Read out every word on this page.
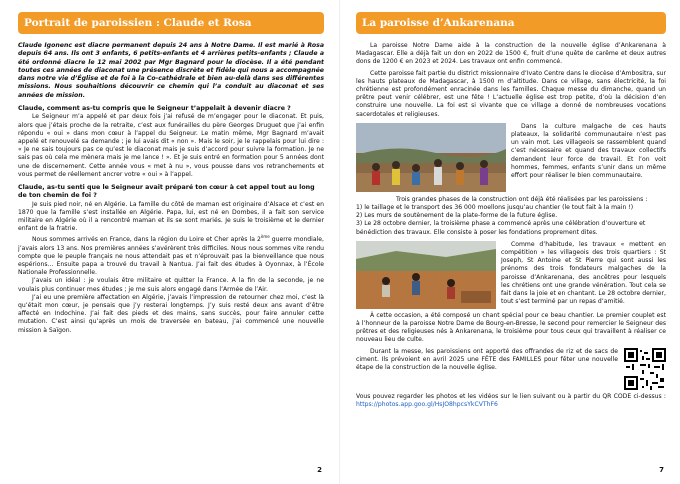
Portrait de paroissien : Claude et Rosa

Claude Igonenc est diacre permanent depuis 24 ans à Notre Dame. Il est marié à Rosa depuis 64 ans. Ils ont 3 enfants, 6 petits-enfants et 4 arrières petits-enfants ; Claude a été ordonné diacre le 12 mai 2002 par Mgr Bagnard pour le diocèse. Il a été pendant toutes ces années de diaconat une présence discrète et fidèle qui nous a accompagnée dans notre vie d’Église et de foi à la Co-cathédrale et bien au-delà dans ses différentes missions. Nous souhaitions découvrir ce chemin qui l’a conduit au diaconat et ses années de mission.

Claude, comment as-tu compris que le Seigneur t’appelait à devenir diacre ?

Le Seigneur m’a appelé et par deux fois j’ai refusé de m’engager pour le diaconat. Et puis, alors que j’étais proche de la retraite, c’est aux funérailles du père Georges Druguet que j’ai enfin répondu « oui » dans mon cœur à l’appel du Seigneur. Le matin même, Mgr Bagnard m’avait appelé et renouvelé sa demande ; je lui avais dit « non ». Mais le soir, je le rappelais pour lui dire : « Je ne sais toujours pas ce qu’est le diaconat mais je suis d’accord pour suivre la formation. Je ne sais pas où cela me mènera mais je me lance ! ». Et je suis entré en formation pour 5 années dont une de discernement. Cette année vous « met à nu », vous pousse dans vos retranchements et vous permet de réellement ancrer votre « oui » à l’appel.

Claude, as-tu senti que le Seigneur avait préparé ton cœur à cet appel tout au long de ton chemin de foi ?

Je suis pied noir, né en Algérie. La famille du côté de maman est originaire d’Alsace et c’est en 1870 que la famille s’est installée en Algérie. Papa, lui, est né en Dombes, il a fait son service militaire en Algérie où il a rencontré maman et ils se sont mariés. Je suis le troisième et le dernier enfant de la fratrie.

Nous sommes arrivés en France, dans la région du Loire et Cher après la 2ème guerre mondiale, j’avais alors 13 ans. Nos premières années s’avérèrent très difficiles. Nous nous sommes vite rendu compte que le peuple français ne nous attendait pas et n’éprouvait pas la bienveillance que nous espérions… Ensuite papa a trouvé du travail à Nantua. J’ai fait des études à Oyonnax, à l’École Nationale Professionnelle.

J’avais un idéal : je voulais être militaire et quitter la France. A la fin de la seconde, je ne voulais plus continuer mes études ; je me suis alors engagé dans l’Armée de l’Air.

J’ai eu une première affectation en Algérie, j’avais l’impression de retourner chez moi, c’est là qu’était mon cœur, je pensais que j’y resterai longtemps. J’y suis resté deux ans avant d’être affecté en Indochine. J’ai fait des pieds et des mains, sans succès, pour faire annuler cette mutation. C’est ainsi qu’après un mois de traversée en bateau, j’ai commencé une nouvelle mission à Saïgon.

2
La paroisse d’Ankarenana

La paroisse Notre Dame aide à la construction de la nouvelle église d’Ankarenana à Madagascar. Elle a déjà fait un don en 2022 de 1500 €, fruit d’une quête de carême et deux autres dons de 1200 € en 2023 et 2024. Les travaux ont enfin commencé.

Cette paroisse fait partie du district missionnaire d’Ivato Centre dans le diocèse d’Ambositra, sur les hauts plateaux de Madagascar, à 1500 m d’altitude. Dans ce village, sans électricité, la foi chrétienne est profondément enracinée dans les familles. Chaque messe du dimanche, quand un prêtre peut venir célébrer, est une fête ! L’actuelle église est trop petite, d’où la décision d’en construire une nouvelle. La foi est si vivante que ce village a donné de nombreuses vocations sacerdotales et religieuses.

Dans la culture malgache de ces hauts plateaux, la solidarité communautaire n’est pas un vain mot. Les villageois se rassemblent quand c’est nécessaire et quand des travaux collectifs demandent leur force de travail. Et l’on voit hommes, femmes, enfants s’unir dans un même effort pour réaliser le bien communautaire.

Trois grandes phases de la construction ont déjà été réalisées par les paroissiens :

1) le taillage et le transport des 36 000 moellons jusqu’au chantier (le tout fait à la main !)

2) Les murs de soutènement de la plate-forme de la future église.

3) Le 28 octobre dernier, la troisième phase a commencé après une célébration d’ouverture et bénédiction des travaux. Elle consiste à poser les fondations proprement dites.

Comme d’habitude, les travaux « mettent en compétition » les villageois des trois quartiers : St Joseph, St Antoine et St Pierre qui sont aussi les prénoms des trois fondateurs malgaches de la paroisse d’Ankarenana, des ancêtres pour lesquels les chrétiens ont une grande vénération. Tout cela se fait dans la joie et en chantant. Le 28 octobre dernier, tout s’est terminé par un repas d’amitié.

À cette occasion, a été composé un chant spécial pour ce beau chantier. Le premier couplet est à l’honneur de la paroisse Notre Dame de Bourg-en-Bresse, le second pour remercier le Seigneur des prêtres et des religieuses nés à Ankarenana, le troisième pour tous ceux qui travaillent à réaliser ce nouveau lieu de culte.

Durant la messe, les paroissiens ont apporté des offrandes de riz et de sacs de ciment. Ils prévoient en avril 2025 une FÊTE des FAMILLES pour fêter une nouvelle étape de la construction de la nouvelle église.

Vous pouvez regarder les photos et les vidéos sur le lien suivant ou à partir du QR CODE ci-dessus : https://photos.app.goo.gl/HsJO8hpcsYkCVThF6

7
